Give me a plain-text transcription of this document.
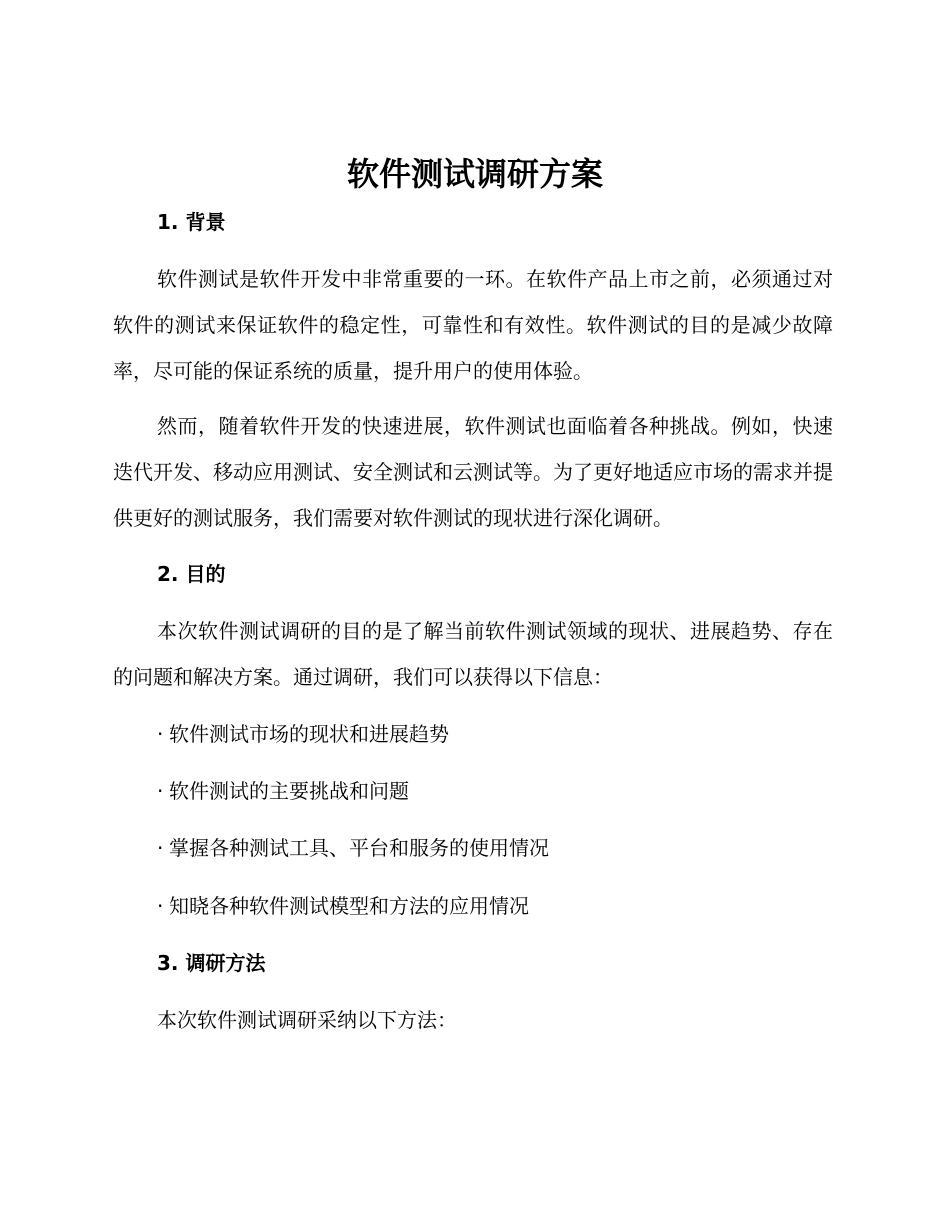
软件测试调研方案
1. 背景
软件测试是软件开发中非常重要的一环。在软件产品上市之前，必须通过对软件的测试来保证软件的稳定性，可靠性和有效性。软件测试的目的是减少故障率，尽可能的保证系统的质量，提升用户的使用体验。
然而，随着软件开发的快速进展，软件测试也面临着各种挑战。例如，快速迭代开发、移动应用测试、安全测试和云测试等。为了更好地适应市场的需求并提供更好的测试服务，我们需要对软件测试的现状进行深化调研。
2. 目的
本次软件测试调研的目的是了解当前软件测试领域的现状、进展趋势、存在的问题和解决方案。通过调研，我们可以获得以下信息：
· 软件测试市场的现状和进展趋势
· 软件测试的主要挑战和问题
· 掌握各种测试工具、平台和服务的使用情况
· 知晓各种软件测试模型和方法的应用情况
3. 调研方法
本次软件测试调研采纳以下方法：
